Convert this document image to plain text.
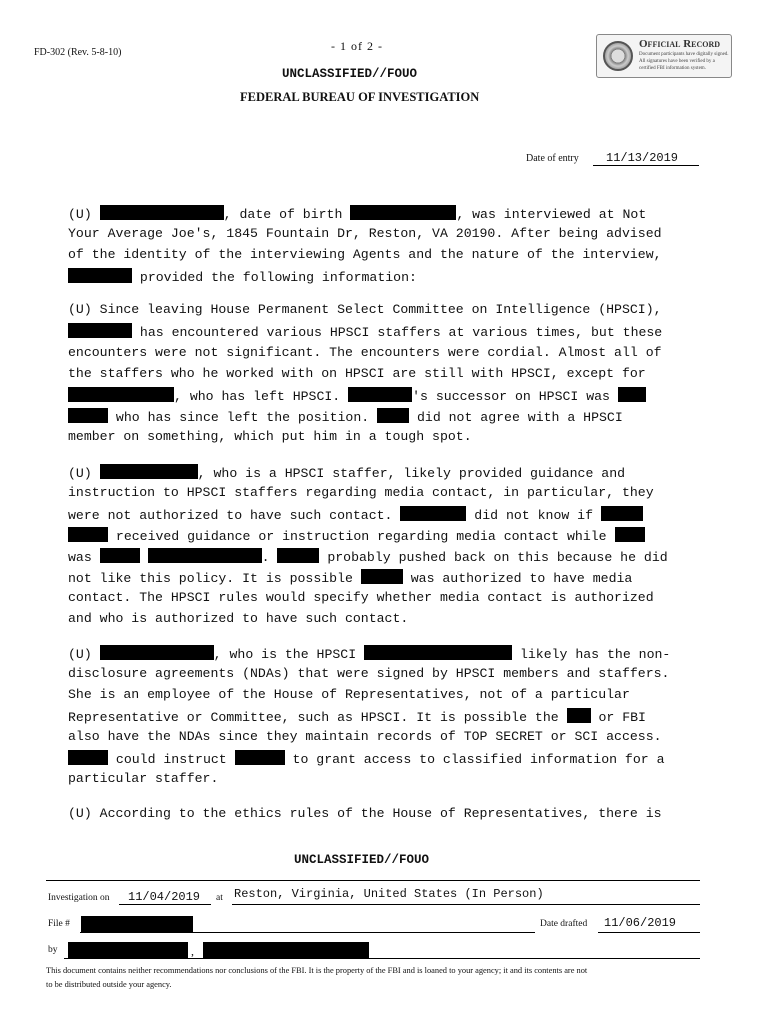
FD-302 (Rev. 5-8-10)	- 1 of 2 -
UNCLASSIFIED//FOUO
FEDERAL BUREAU OF INVESTIGATION
Official Record
Document participants have digitally signed.
All signatures have been verified by a
certified FBI information system.
Date of entry 11/13/2019
(U)	, date of birth	, was interviewed at Not
Your Average Joe's, 1845 Fountain Dr, Reston, VA 20190. After being advised
of the identity of the interviewing Agents and the nature of the interview,
provided the following information:
(U) Since leaving House Permanent Select Committee on Intelligence (HPSCI),
has encountered various HPSCI staffers at various times, but these
encounters were not significant. The encounters were cordial. Almost all of
the staffers who he worked with on HPSCI are still with HPSCI, except for
, who has left HPSCI.	's successor on HPSCI was
who has since left the position.	did not agree with a HPSCI
member on something, which put him in a tough spot.
(U)	, who is a HPSCI staffer, likely provided guidance and
instruction to HPSCI staffers regarding media contact, in particular, they
were not authorized to have such contact.	did not know if
received guidance or instruction regarding media contact while
was	.	probably pushed back on this because he did
not like this policy. It is possible	was authorized to have media
contact. The HPSCI rules would specify whether media contact is authorized
and who is authorized to have such contact.
(U)	, who is the HPSCI	likely has the non-
disclosure agreements (NDAs) that were signed by HPSCI members and staffers.
She is an employee of the House of Representatives, not of a particular
Representative or Committee, such as HPSCI. It is possible the  or FBI
also have the NDAs since they maintain records of TOP SECRET or SCI access.
could instruct	to grant access to classified information for a
particular staffer.
(U) According to the ethics rules of the House of Representatives, there is
UNCLASSIFIED//FOUO
Investigation on 11/04/2019 at Reston, Virginia, United States (In Person)
File #	Date drafted 11/06/2019
by	,
This document contains neither recommendations nor conclusions of the FBI. It is the property of the FBI and is loaned to your agency; it and its contents are not
to be distributed outside your agency.
